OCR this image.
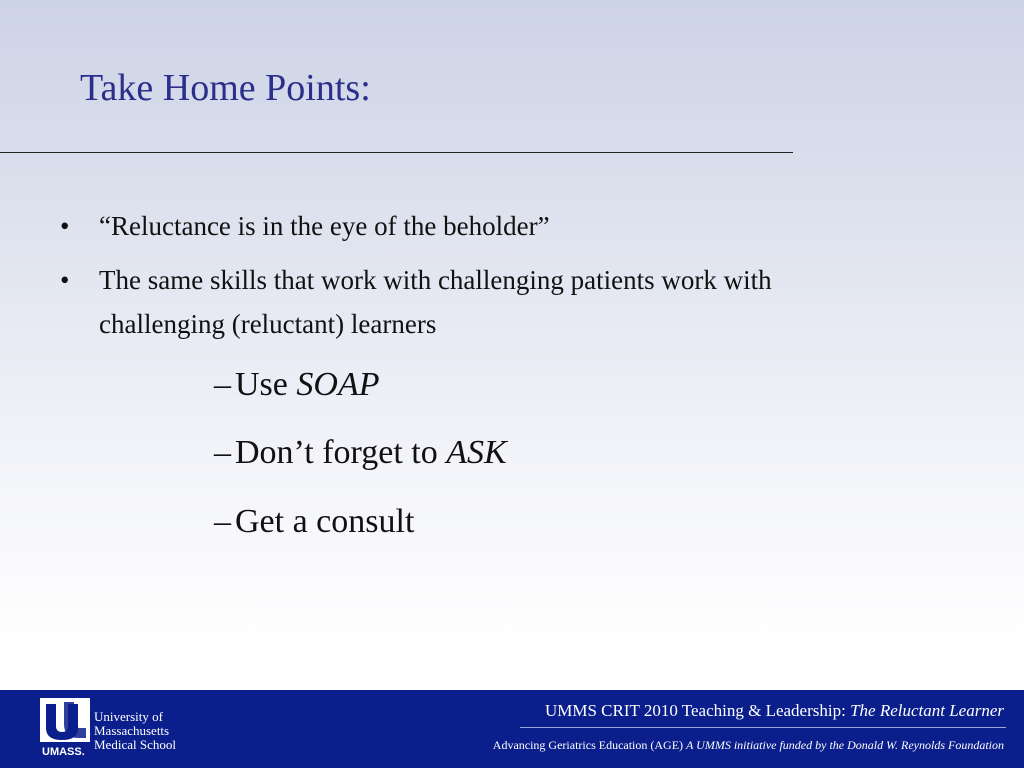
Take Home Points:
• “Reluctance is in the eye of the beholder”
• The same skills that work with challenging patients work with challenging (reluctant) learners
– Use SOAP
– Don’t forget to ASK
– Get a consult
University of
Massachusetts
Medical School
UMASS.
UMMS CRIT 2010 Teaching & Leadership: The Reluctant Learner
Advancing Geriatrics Education (AGE) A UMMS initiative funded by the Donald W. Reynolds Foundation
